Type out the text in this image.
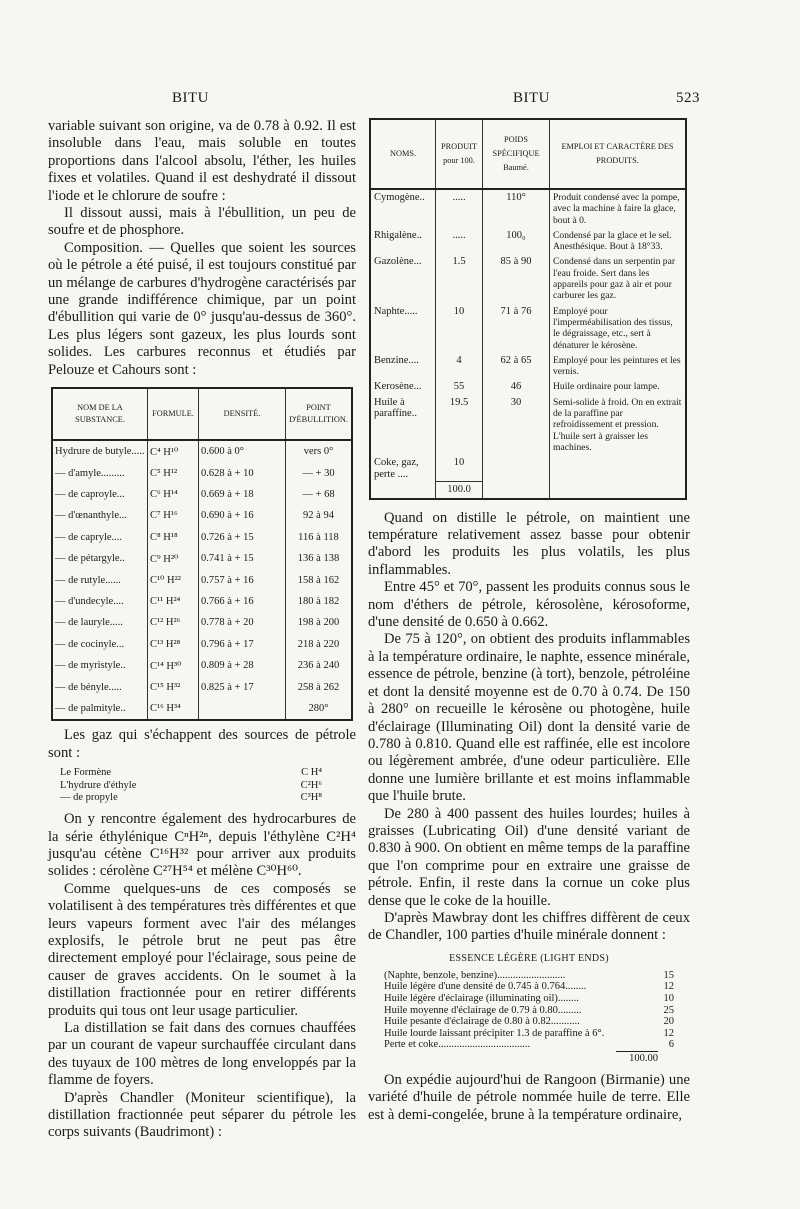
BITU	BITU	523

variable suivant son origine, va de 0.78 à 0.92. Il est insoluble dans l'eau, mais soluble en toutes proportions dans l'alcool absolu, l'éther, les huiles fixes et volatiles. Quand il est deshydraté il dissout l'iode et le chlorure de soufre :

Il dissout aussi, mais à l'ébullition, un peu de soufre et de phosphore.

Composition. — Quelles que soient les sources où le pétrole a été puisé, il est toujours constitué par un mélange de carbures d'hydrogène caractérisés par une grande indifférence chimique, par un point d'ébullition qui varie de 0° jusqu'au-dessus de 360°. Les plus légers sont gazeux, les plus lourds sont solides. Les carbures reconnus et étudiés par Pelouze et Cahours sont :

NOM DE LA SUBSTANCE.	FORMULE.	DENSITÉ.	POINT D'ÉBULLITION.
Hydrure de butyle.....	C⁴ H¹⁰	0.600 à 0°	vers 0°
— d'amyle.........	C⁵ H¹²	0.628 à + 10	— + 30
— de caproyle...	C⁶ H¹⁴	0.669 à + 18	— + 68
— d'œnanthyle...	C⁷ H¹⁶	0.690 à + 16	92 à 94
— de capryle....	C⁸ H¹⁸	0.726 à + 15	116 à 118
— de pétargyle..	C⁹ H²⁰	0.741 à + 15	136 à 138
— de rutyle......	C¹⁰ H²²	0.757 à + 16	158 à 162
— d'undecyle....	C¹¹ H²⁴	0.766 à + 16	180 à 182
— de lauryle.....	C¹² H²⁶	0.778 à + 20	198 à 200
— de cocinyle...	C¹³ H²⁸	0.796 à + 17	218 à 220
— de myristyle..	C¹⁴ H³⁰	0.809 à + 28	236 à 240
— de bényle.....	C¹⁵ H³²	0.825 à + 17	258 à 262
— de palmityle..	C¹⁶ H³⁴		280°

Les gaz qui s'échappent des sources de pétrole sont :

Le Formène	C H⁴
L'hydrure d'éthyle	C²H⁶
— de propyle	C³H⁸

On y rencontre également des hydrocarbures de la série éthylénique CⁿH²ⁿ, depuis l'éthylène C²H⁴ jusqu'au cétène C¹⁶H³² pour arriver aux produits solides : cérolène C²⁷H⁵⁴ et mélène C³⁰H⁶⁰.

Comme quelques-uns de ces composés se volatilisent à des températures très différentes et que leurs vapeurs forment avec l'air des mélanges explosifs, le pétrole brut ne peut pas être directement employé pour l'éclairage, sous peine de causer de graves accidents. On le soumet à la distillation fractionnée pour en retirer différents produits qui tous ont leur usage particulier.

La distillation se fait dans des cornues chauffées par un courant de vapeur surchauffée circulant dans des tuyaux de 100 mètres de long enveloppés par la flamme de foyers.

D'après Chandler (Moniteur scientifique), la distillation fractionnée peut séparer du pétrole les corps suivants (Baudrimont) :

NOMS.	PRODUIT pour 100.	POIDS SPÉCIFIQUE Baumé.	EMPLOI ET CARACTÈRE DES PRODUITS.
Cymogène..	.....	110°	Produit condensé avec la pompe, avec la machine à faire la glace, bout à 0.
Rhigalène..	.....	100₀	Condensé par la glace et le sel. Anesthésique. Bout à 18°33.
Gazolène...	1.5	85 à 90	Condensé dans un serpentin par l'eau froide. Sert dans les appareils pour gaz à air et pour carburer les gaz.
Naphte.....	10	71 à 76	Employé pour l'imperméabilisation des tissus, le dégraissage, etc., sert à dénaturer le kérosène.
Benzine....	4	62 à 65	Employé pour les peintures et les vernis.
Kerosène...	55	46	Huile ordinaire pour lampe.
Huile à paraffine..	19.5	30	Semi-solide à froid. On en extrait de la paraffine par refroidissement et pression. L'huile sert à graisser les machines.
Coke, gaz, perte ....	10		
	100.0		

Quand on distille le pétrole, on maintient une température relativement assez basse pour obtenir d'abord les produits les plus volatils, les plus inflammables.

Entre 45° et 70°, passent les produits connus sous le nom d'éthers de pétrole, kérosolène, kérosoforme, d'une densité de 0.650 à 0.662.

De 75 à 120°, on obtient des produits inflammables à la température ordinaire, le naphte, essence minérale, essence de pétrole, benzine (à tort), benzole, pétroléine et dont la densité moyenne est de 0.70 à 0.74. De 150 à 280° on recueille le kérosène ou photogène, huile d'éclairage (Illuminating Oil) dont la densité varie de 0.780 à 0.810. Quand elle est raffinée, elle est incolore ou légèrement ambrée, d'une odeur particulière. Elle donne une lumière brillante et est moins inflammable que l'huile brute.

De 280 à 400 passent des huiles lourdes; huiles à graisses (Lubricating Oil) d'une densité variant de 0.830 à 900. On obtient en même temps de la paraffine que l'on comprime pour en extraire une graisse de pétrole. Enfin, il reste dans la cornue un coke plus dense que le coke de la houille.

D'après Mawbray dont les chiffres diffèrent de ceux de Chandler, 100 parties d'huile minérale donnent :

ESSENCE LÉGÈRE (LIGHT ENDS)
(Naphte, benzole, benzine)..........................	15
Huile légère d'une densité de 0.745 à 0.764........	12
Huile légère d'éclairage (illuminating oil)........	10
Huile moyenne d'éclairage de 0.79 à 0.80.........	25
Huile pesante d'éclairage de 0.80 à 0.82...........	20
Huile lourde laissant précipiter 1.3 de paraffine à 6°.	12
Perte et coke...................................	6
100.00

On expédie aujourd'hui de Rangoon (Birmanie) une variété d'huile de pétrole nommée huile de terre. Elle est à demi-congelée, brune à la température ordinaire,
